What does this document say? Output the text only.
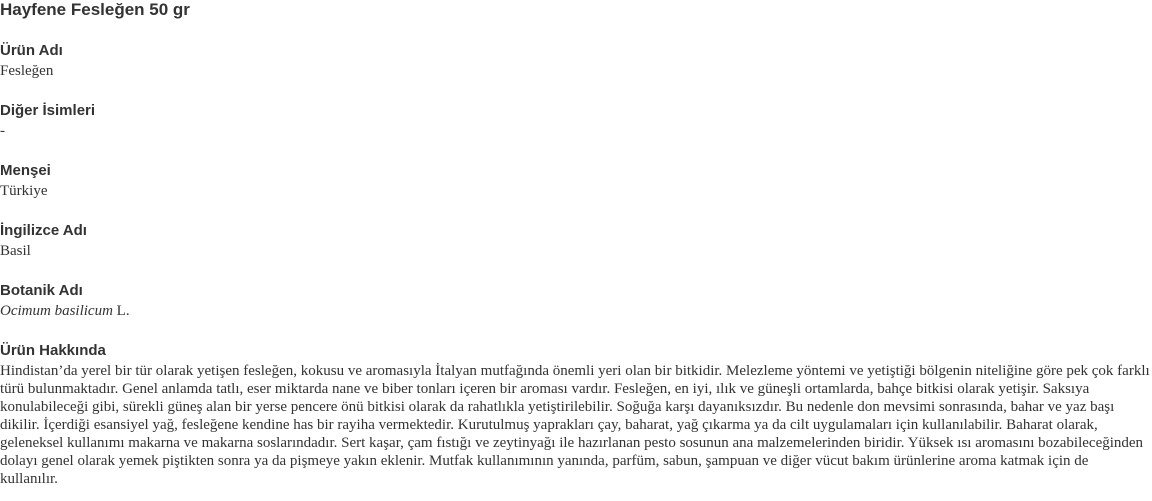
Hayfene Fesleğen 50 gr
Ürün Adı
Fesleğen
Diğer İsimleri
-
Menşei
Türkiye
İngilizce Adı
Basil
Botanik Adı
Ocimum basilicum L.
Ürün Hakkında
Hindistan’da yerel bir tür olarak yetişen fesleğen, kokusu ve aromasıyla İtalyan mutfağında önemli yeri olan bir bitkidir. Melezleme yöntemi ve yetiştiği bölgenin niteliğine göre pek çok farklı türü bulunmaktadır. Genel anlamda tatlı, eser miktarda nane ve biber tonları içeren bir aroması vardır. Fesleğen, en iyi, ılık ve güneşli ortamlarda, bahçe bitkisi olarak yetişir. Saksıya konulabileceği gibi, sürekli güneş alan bir yerse pencere önü bitkisi olarak da rahatlıkla yetiştirilebilir. Soğuğa karşı dayanıksızdır. Bu nedenle don mevsimi sonrasında, bahar ve yaz başı dikilir. İçerdiği esansiyel yağ, fesleğene kendine has bir rayiha vermektedir. Kurutulmuş yaprakları çay, baharat, yağ çıkarma ya da cilt uygulamaları için kullanılabilir. Baharat olarak, geleneksel kullanımı makarna ve makarna soslarındadır. Sert kaşar, çam fıstığı ve zeytinyağı ile hazırlanan pesto sosunun ana malzemelerinden biridir. Yüksek ısı aromasını bozabileceğinden dolayı genel olarak yemek piştikten sonra ya da pişmeye yakın eklenir. Mutfak kullanımının yanında, parfüm, sabun, şampuan ve diğer vücut bakım ürünlerine aroma katmak için de kullanılır.
